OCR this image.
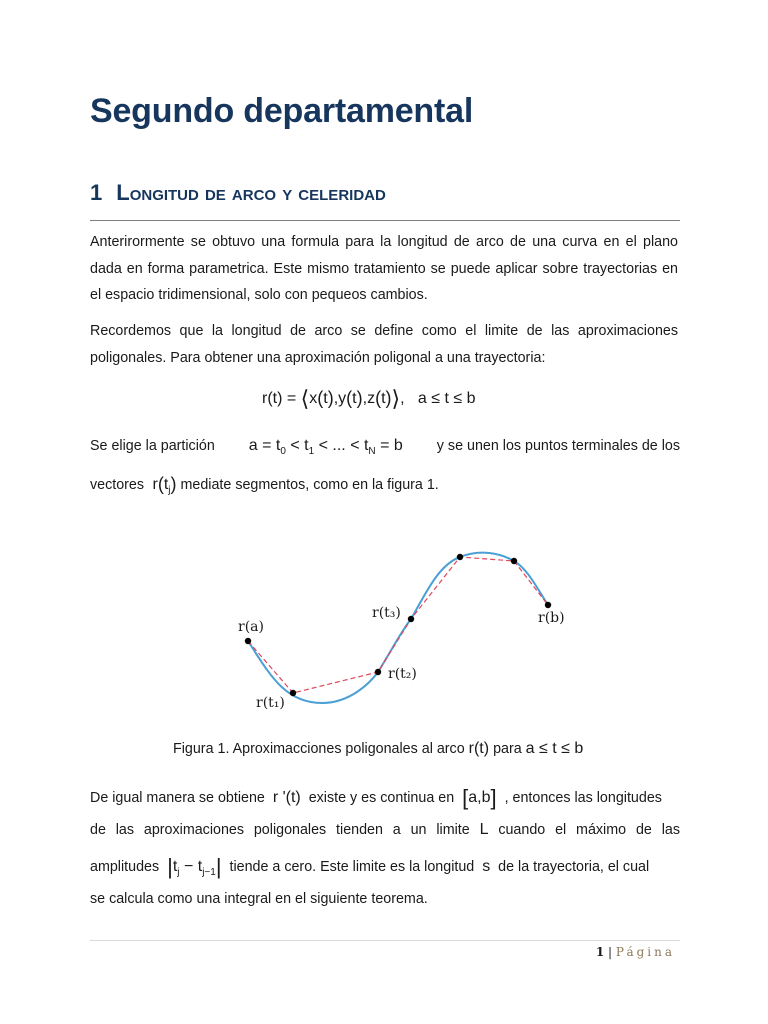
Segundo departamental
1 Longitud de arco y celeridad

Anterirormente se obtuvo una formula para la longitud de arco de una curva en el plano dada en forma parametrica. Este mismo tratamiento se puede aplicar sobre trayectorias en el espacio tridimensional, solo con pequeos cambios.

Recordemos que la longitud de arco se define como el limite de las aproximaciones poligonales. Para obtener una aproximación poligonal a una trayectoria:

r(t) = ⟨x(t),y(t),z(t)⟩,   a ≤ t ≤ b
Se elige la partición $a = t_0 < t_1$ < ... < $t_N = b$ y se unen los puntos terminales de los
vectores $r(t_j)$ mediate segmentos, como en la figura 1.
r(a)
r(t₁)
r(t₂)
r(t₃)	r(b)
Figura 1. Aproximacciones poligonales al arco r(t) para a ≤ t ≤ b
De igual manera se obtiene r '(t) existe y es continua en [a,b] , entonces las longitudes
de las aproximaciones poligonales tienden a un limite L cuando el máximo de las
amplitudes $|t_j - t_{j-1}|$ tiende a cero. Este limite es la longitud s de la trayectoria, el cual
se calcula como una integral en el siguiente teorema.
1 | Página
